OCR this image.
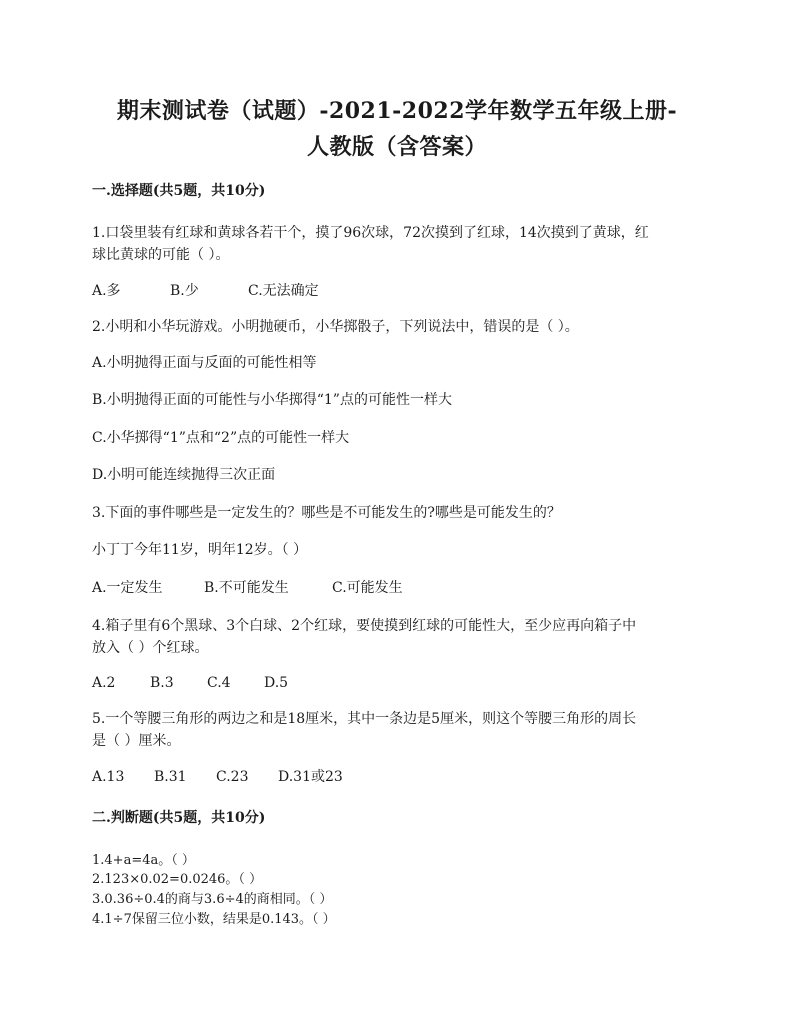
期末测试卷（试题）-2021-2022学年数学五年级上册-
人教版（含答案）
一.选择题(共5题，共10分)
1.口袋里装有红球和黄球各若干个，摸了96次球，72次摸到了红球，14次摸到了黄球，红
球比黄球的可能（ ）。
A.多	B.少	C.无法确定
2.小明和小华玩游戏。小明抛硬币，小华掷骰子，下列说法中，错误的是（ ）。
A.小明抛得正面与反面的可能性相等
B.小明抛得正面的可能性与小华掷得“1”点的可能性一样大
C.小华掷得“1”点和“2”点的可能性一样大
D.小明可能连续抛得三次正面
3.下面的事件哪些是一定发生的？哪些是不可能发生的?哪些是可能发生的？
小丁丁今年11岁，明年12岁。（ ）
A.一定发生	B.不可能发生	C.可能发生
4.箱子里有6个黑球、3个白球、2个红球，要使摸到红球的可能性大，至少应再向箱子中
放入（ ）个红球。
A.2 B.3 C.4 D.5
5.一个等腰三角形的两边之和是18厘米，其中一条边是5厘米，则这个等腰三角形的周长
是（ ）厘米。
A.13 B.31 C.23 D.31或23
二.判断题(共5题，共10分)
1.4+a=4a。（ ）
2.123×0.02=0.0246。（ ）
3.0.36÷0.4的商与3.6÷4的商相同。（ ）
4.1÷7保留三位小数，结果是0.143。（ ）
